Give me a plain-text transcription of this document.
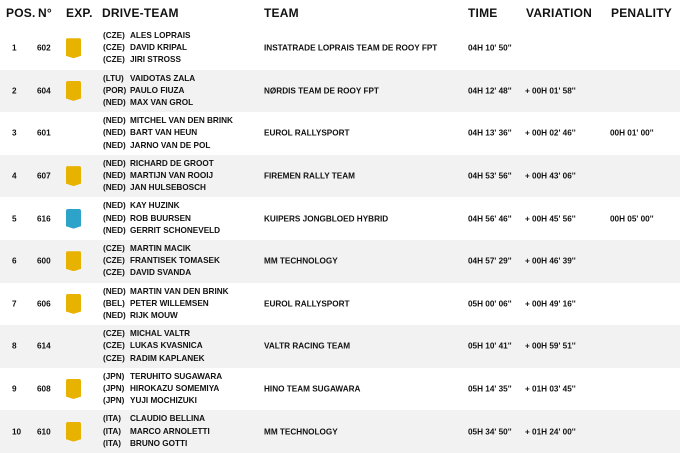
POS. N° EXP. DRIVE-TEAM	TEAM	TIME VARIATION PENALITY
1 602
(CZE) ALES LOPRAIS
(CZE) DAVID KRIPAL
(CZE) JIRI STROSS
INSTATRADE LOPRAIS TEAM DE ROOY FPT	04H 10' 50''
2 604
(LTU) VAIDOTAS ZALA
(POR) PAULO FIUZA
(NED) MAX VAN GROL
NØRDIS TEAM DE ROOY FPT	04H 12' 48'' + 00H 01' 58''
3 601
(NED) MITCHEL VAN DEN BRINK
(NED) BART VAN HEUN
(NED) JARNO VAN DE POL
EUROL RALLYSPORT	04H 13' 36'' + 00H 02' 46''	00H 01' 00''
4 607
(NED) RICHARD DE GROOT
(NED) MARTIJN VAN ROOIJ
(NED) JAN HULSEBOSCH
FIREMEN RALLY TEAM	04H 53' 56'' + 00H 43' 06''
5 616
(NED) KAY HUZINK
(NED) ROB BUURSEN
(NED) GERRIT SCHONEVELD
KUIPERS JONGBLOED HYBRID	04H 56' 46'' + 00H 45' 56''	00H 05' 00''
6 600
(CZE) MARTIN MACIK
(CZE) FRANTISEK TOMASEK
(CZE) DAVID SVANDA
MM TECHNOLOGY	04H 57' 29'' + 00H 46' 39''
7 606
(NED) MARTIN VAN DEN BRINK
(BEL) PETER WILLEMSEN
(NED) RIJK MOUW
EUROL RALLYSPORT	05H 00' 06'' + 00H 49' 16''
8 614
(CZE) MICHAL VALTR
(CZE) LUKAS KVASNICA
(CZE) RADIM KAPLANEK
VALTR RACING TEAM	05H 10' 41'' + 00H 59' 51''
9 608
(JPN) TERUHITO SUGAWARA
(JPN) HIROKAZU SOMEMIYA
(JPN) YUJI MOCHIZUKI
HINO TEAM SUGAWARA	05H 14' 35'' + 01H 03' 45''
10 610
(ITA) CLAUDIO BELLINA
(ITA) MARCO ARNOLETTI
(ITA) BRUNO GOTTI
MM TECHNOLOGY	05H 34' 50'' + 01H 24' 00''
